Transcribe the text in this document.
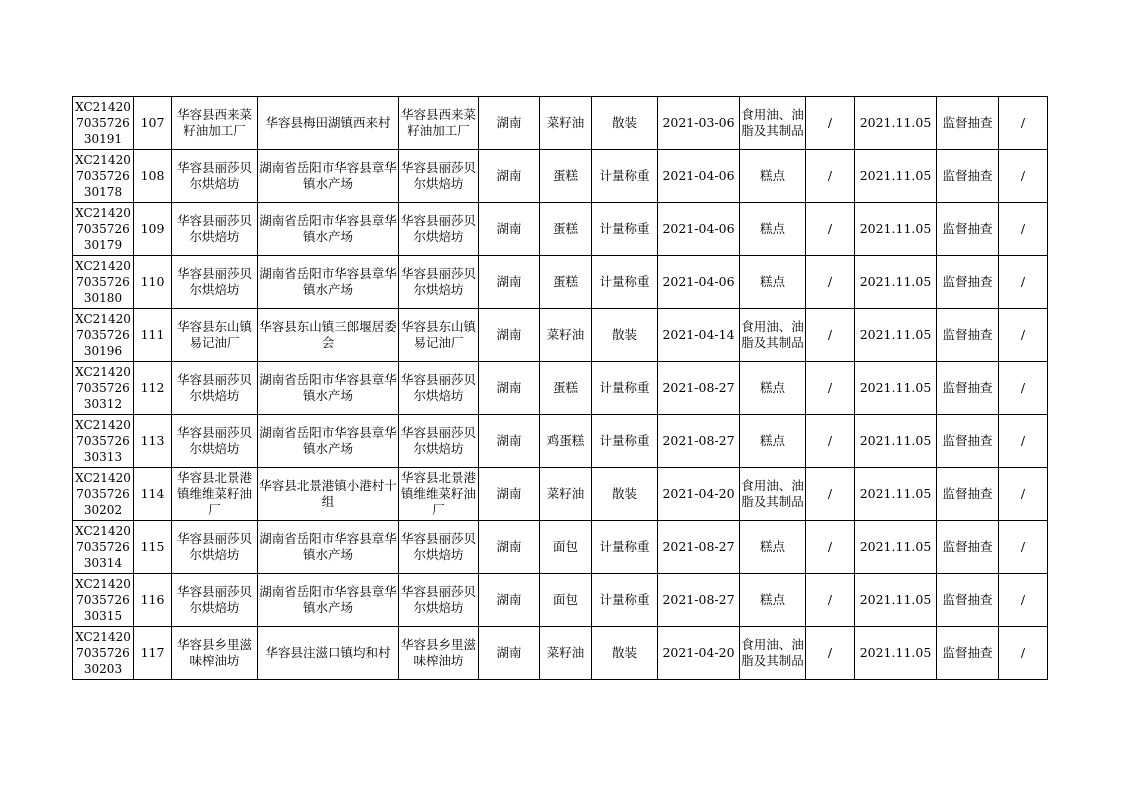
XC21420703572630191	107	华容县西来菜籽油加工厂	华容县梅田湖镇西来村	华容县西来菜籽油加工厂	湖南	菜籽油	散装	2021-03-06	食用油、油脂及其制品	/	2021.11.05	监督抽查	/
XC21420703572630178	108	华容县丽莎贝尔烘焙坊	湖南省岳阳市华容县章华镇水产场	华容县丽莎贝尔烘焙坊	湖南	蛋糕	计量称重	2021-04-06	糕点	/	2021.11.05	监督抽查	/
XC21420703572630179	109	华容县丽莎贝尔烘焙坊	湖南省岳阳市华容县章华镇水产场	华容县丽莎贝尔烘焙坊	湖南	蛋糕	计量称重	2021-04-06	糕点	/	2021.11.05	监督抽查	/
XC21420703572630180	110	华容县丽莎贝尔烘焙坊	湖南省岳阳市华容县章华镇水产场	华容县丽莎贝尔烘焙坊	湖南	蛋糕	计量称重	2021-04-06	糕点	/	2021.11.05	监督抽查	/
XC21420703572630196	111	华容县东山镇易记油厂	华容县东山镇三郎堰居委会	华容县东山镇易记油厂	湖南	菜籽油	散装	2021-04-14	食用油、油脂及其制品	/	2021.11.05	监督抽查	/
XC21420703572630312	112	华容县丽莎贝尔烘焙坊	湖南省岳阳市华容县章华镇水产场	华容县丽莎贝尔烘焙坊	湖南	蛋糕	计量称重	2021-08-27	糕点	/	2021.11.05	监督抽查	/
XC21420703572630313	113	华容县丽莎贝尔烘焙坊	湖南省岳阳市华容县章华镇水产场	华容县丽莎贝尔烘焙坊	湖南	鸡蛋糕	计量称重	2021-08-27	糕点	/	2021.11.05	监督抽查	/
XC21420703572630202	114	华容县北景港镇维维菜籽油厂	华容县北景港镇小港村十组	华容县北景港镇维维菜籽油厂	湖南	菜籽油	散装	2021-04-20	食用油、油脂及其制品	/	2021.11.05	监督抽查	/
XC21420703572630314	115	华容县丽莎贝尔烘焙坊	湖南省岳阳市华容县章华镇水产场	华容县丽莎贝尔烘焙坊	湖南	面包	计量称重	2021-08-27	糕点	/	2021.11.05	监督抽查	/
XC21420703572630315	116	华容县丽莎贝尔烘焙坊	湖南省岳阳市华容县章华镇水产场	华容县丽莎贝尔烘焙坊	湖南	面包	计量称重	2021-08-27	糕点	/	2021.11.05	监督抽查	/
XC21420703572630203	117	华容县乡里滋味榨油坊	华容县注滋口镇均和村	华容县乡里滋味榨油坊	湖南	菜籽油	散装	2021-04-20	食用油、油脂及其制品	/	2021.11.05	监督抽查	/
